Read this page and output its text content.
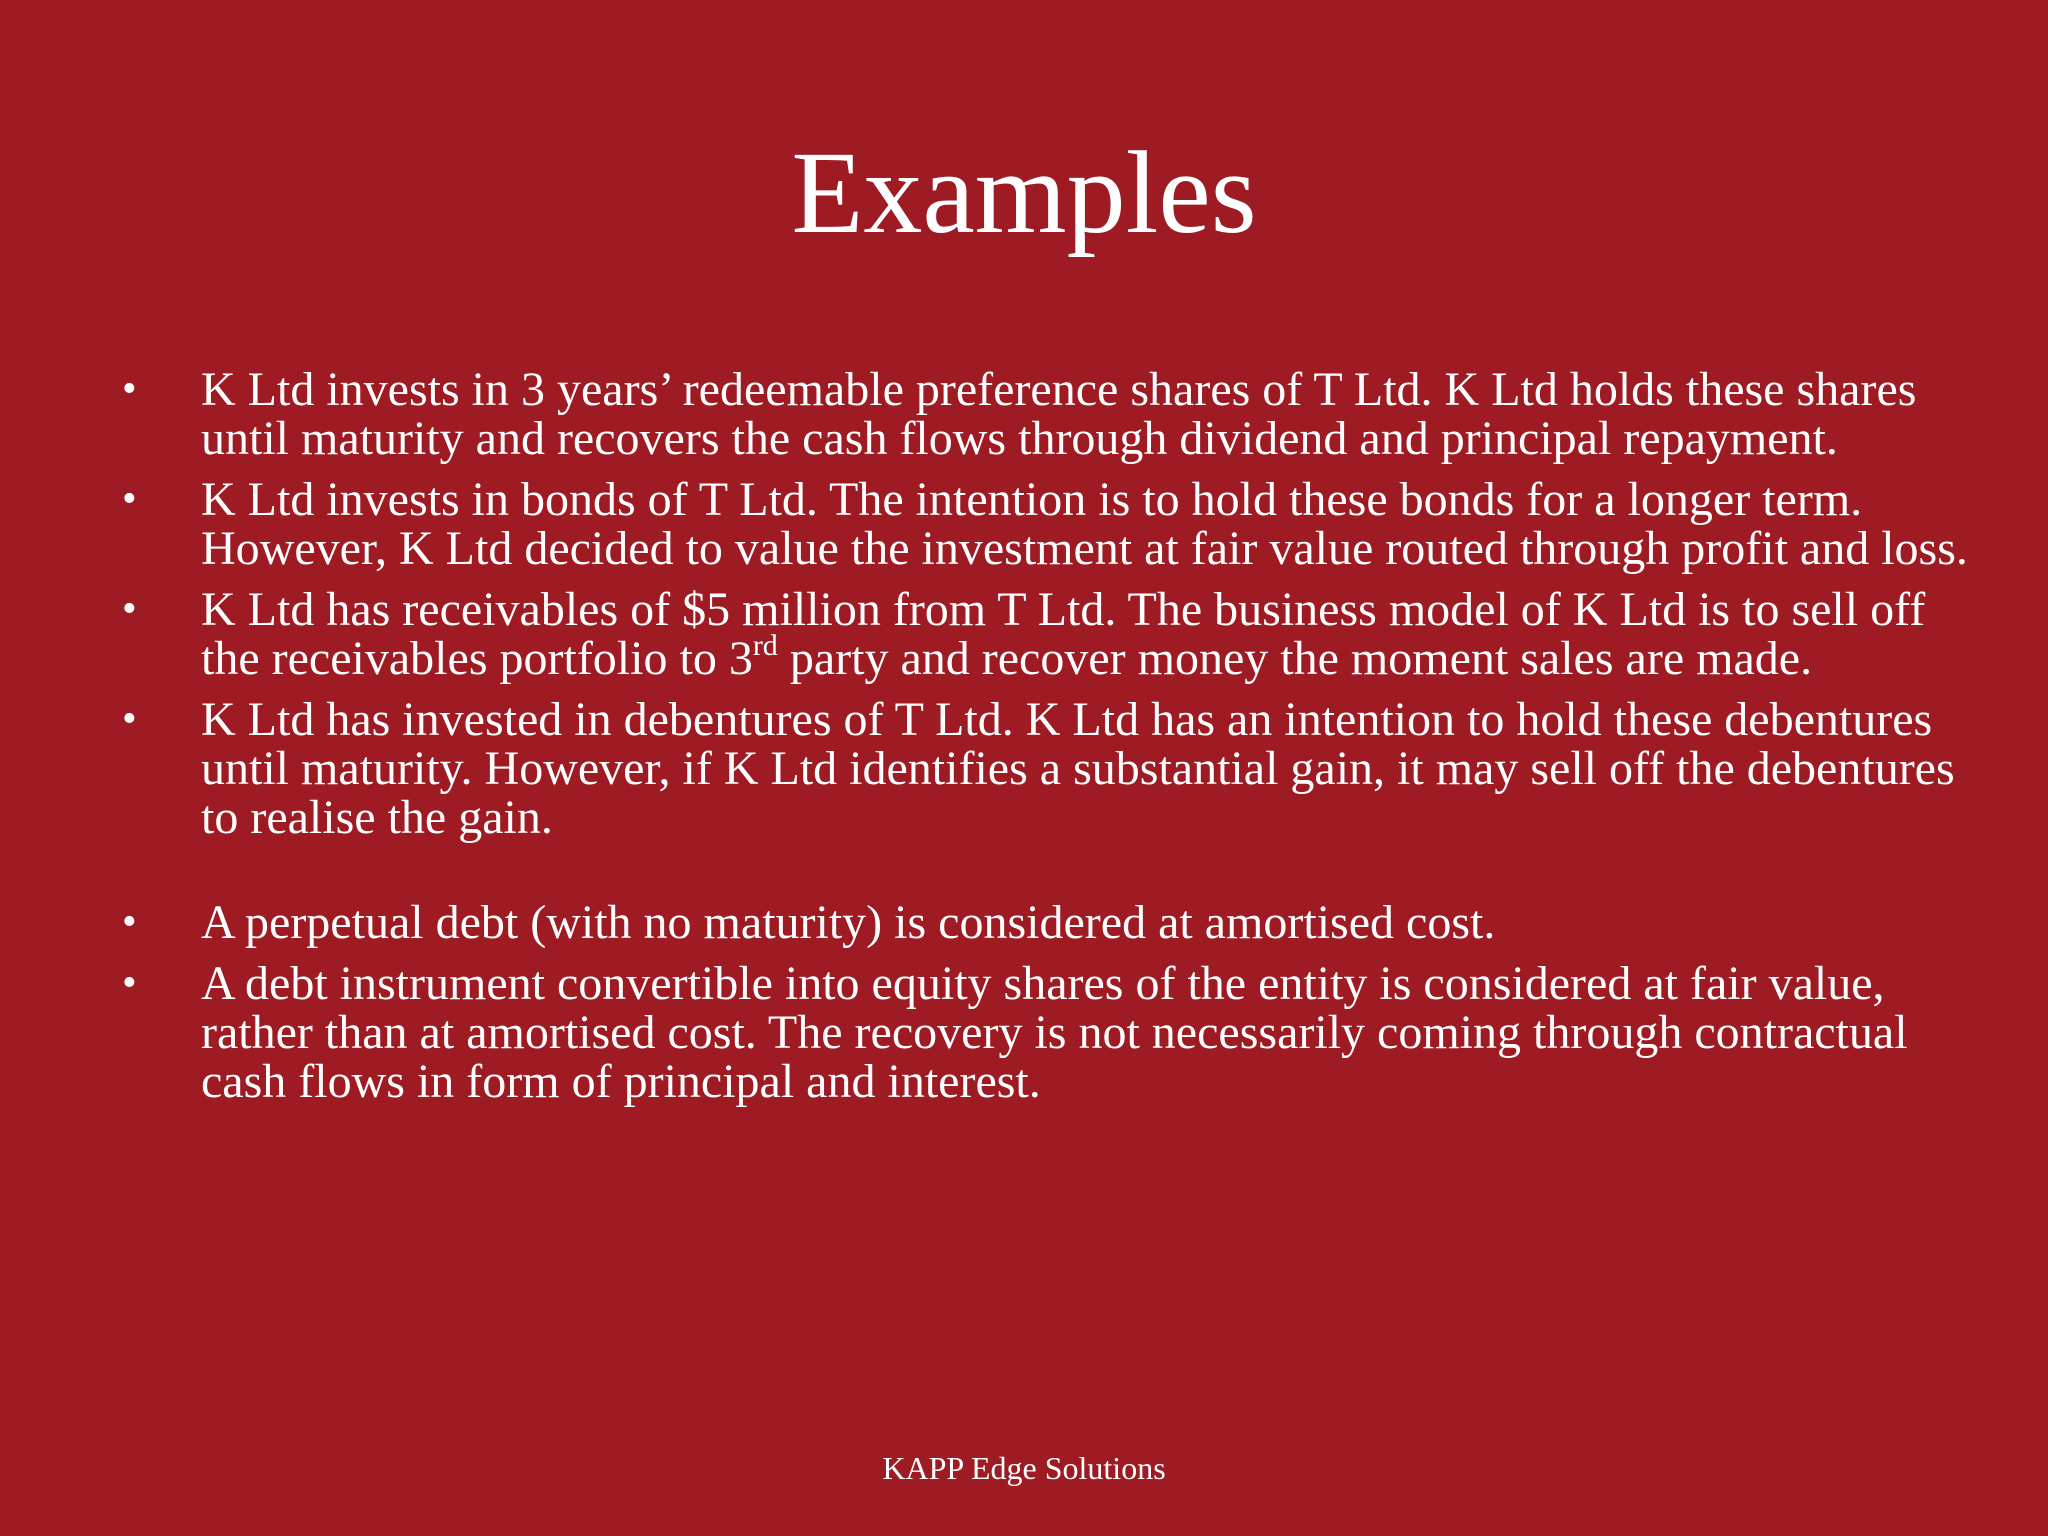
Examples
• K Ltd invests in 3 years’ redeemable preference shares of T Ltd. K Ltd holds these shares until maturity and recovers the cash flows through dividend and principal repayment.
• K Ltd invests in bonds of T Ltd. The intention is to hold these bonds for a longer term. However, K Ltd decided to value the investment at fair value routed through profit and loss.
• K Ltd has receivables of $5 million from T Ltd. The business model of K Ltd is to sell off the receivables portfolio to 3rd party and recover money the moment sales are made.
• K Ltd has invested in debentures of T Ltd. K Ltd has an intention to hold these debentures until maturity. However, if K Ltd identifies a substantial gain, it may sell off the debentures to realise the gain.
• A perpetual debt (with no maturity) is considered at amortised cost.
• A debt instrument convertible into equity shares of the entity is considered at fair value, rather than at amortised cost. The recovery is not necessarily coming through contractual cash flows in form of principal and interest.
KAPP Edge Solutions
